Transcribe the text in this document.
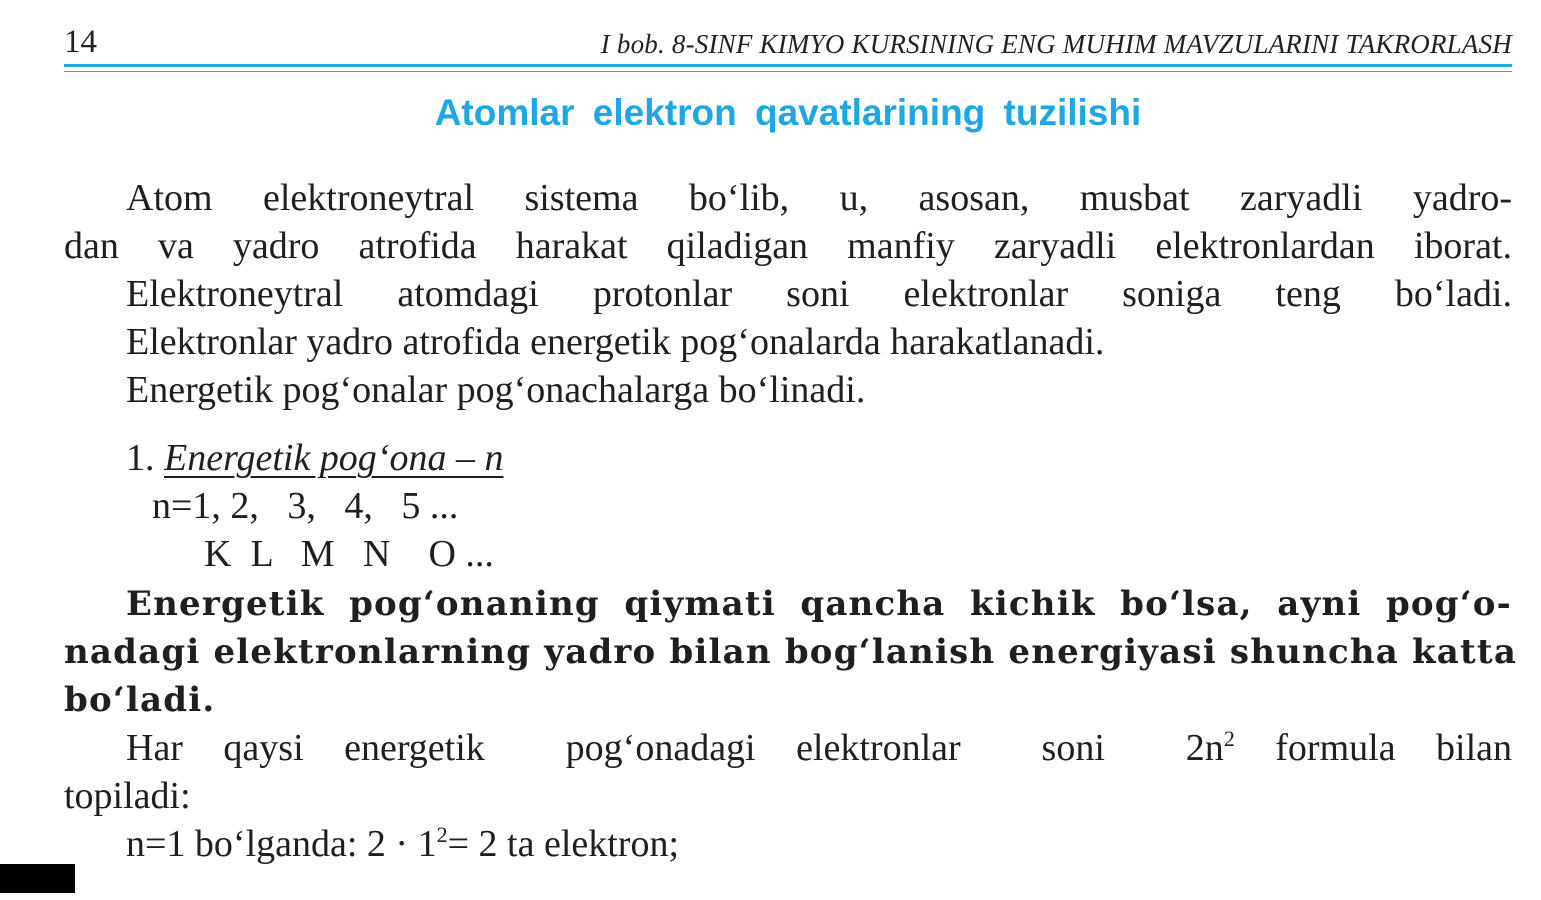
14	I bob. 8-SINF KIMYO KURSINING ENG MUHIM MAVZULARINI TAKRORLASH
Atomlar elektron qavatlarining tuzilishi
Atom elektroneytral sistema bo‘lib, u, asosan, musbat zaryadli yadro-
dan va yadro atrofida harakat qiladigan manfiy zaryadli elektronlardan iborat.
Elektroneytral atomdagi protonlar soni elektronlar soniga teng bo‘ladi.
Elektronlar yadro atrofida energetik pog‘onalarda harakatlanadi.
Energetik pog‘onalar pog‘onachalarga bo‘linadi.
1. Energetik pog‘ona – n
n=1, 2,   3,   4,   5 ...
K  L   M   N    O ...
Energetik pog‘onaning qiymati qancha kichik bo‘lsa, ayni pog‘o-
nadagi elektronlarning yadro bilan bog‘lanish energiyasi shuncha katta
bo‘ladi.
Har qaysi energetik  pog‘onadagi elektronlar  soni  $2n^2$ formula bilan
topiladi:
n=1 bo‘lganda: $2 \cdot 1^2= 2$ ta elektron;
